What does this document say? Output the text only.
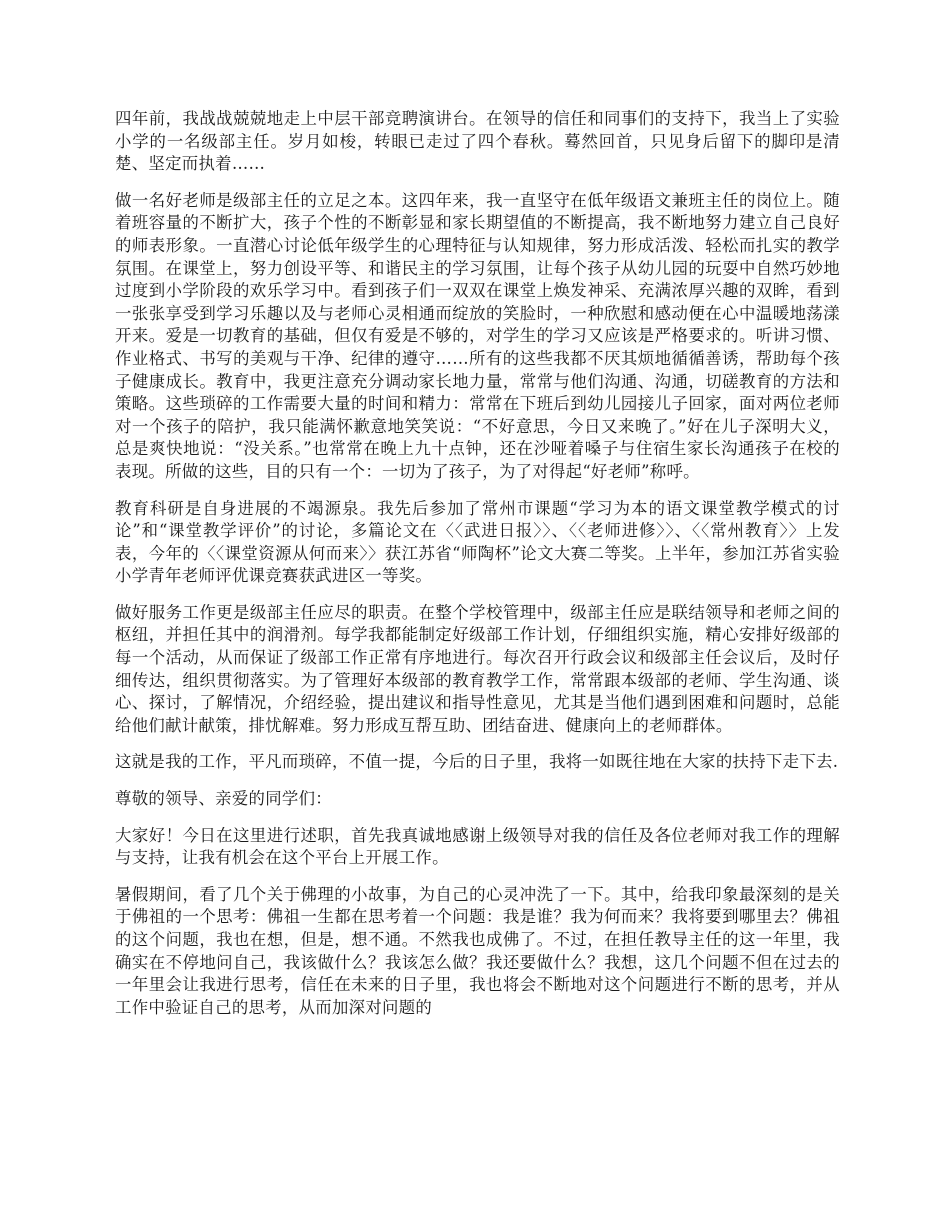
四年前，我战战兢兢地走上中层干部竞聘演讲台。在领导的信任和同事们的支持下，我当上了实验小学的一名级部主任。岁月如梭，转眼已走过了四个春秋。蓦然回首，只见身后留下的脚印是清楚、坚定而执着……

做一名好老师是级部主任的立足之本。这四年来，我一直坚守在低年级语文兼班主任的岗位上。随着班容量的不断扩大，孩子个性的不断彰显和家长期望值的不断提高，我不断地努力建立自己良好的师表形象。一直潜心讨论低年级学生的心理特征与认知规律，努力形成活泼、轻松而扎实的教学氛围。在课堂上，努力创设平等、和谐民主的学习氛围，让每个孩子从幼儿园的玩耍中自然巧妙地过度到小学阶段的欢乐学习中。看到孩子们一双双在课堂上焕发神采、充满浓厚兴趣的双眸，看到一张张享受到学习乐趣以及与老师心灵相通而绽放的笑脸时，一种欣慰和感动便在心中温暖地荡漾开来。爱是一切教育的基础，但仅有爱是不够的，对学生的学习又应该是严格要求的。听讲习惯、作业格式、书写的美观与干净、纪律的遵守……所有的这些我都不厌其烦地循循善诱，帮助每个孩子健康成长。教育中，我更注意充分调动家长地力量，常常与他们沟通、沟通，切磋教育的方法和策略。这些琐碎的工作需要大量的时间和精力：常常在下班后到幼儿园接儿子回家，面对两位老师对一个孩子的陪护，我只能满怀歉意地笑笑说：“不好意思，今日又来晚了。”好在儿子深明大义，总是爽快地说：“没关系。”也常常在晚上九十点钟，还在沙哑着嗓子与住宿生家长沟通孩子在校的表现。所做的这些，目的只有一个：一切为了孩子，为了对得起“好老师”称呼。

教育科研是自身进展的不竭源泉。我先后参加了常州市课题“学习为本的语文课堂教学模式的讨论”和“课堂教学评价”的讨论，多篇论文在〈〈武进日报〉〉、〈〈老师进修〉〉、〈〈常州教育〉〉上发表，今年的〈〈课堂资源从何而来〉〉获江苏省“师陶杯”论文大赛二等奖。上半年，参加江苏省实验小学青年老师评优课竞赛获武进区一等奖。

做好服务工作更是级部主任应尽的职责。在整个学校管理中，级部主任应是联结领导和老师之间的枢纽，并担任其中的润滑剂。每学我都能制定好级部工作计划，仔细组织实施，精心安排好级部的每一个活动，从而保证了级部工作正常有序地进行。每次召开行政会议和级部主任会议后，及时仔细传达，组织贯彻落实。为了管理好本级部的教育教学工作，常常跟本级部的老师、学生沟通、谈心、探讨，了解情况，介绍经验，提出建议和指导性意见，尤其是当他们遇到困难和问题时，总能给他们献计献策，排忧解难。努力形成互帮互助、团结奋进、健康向上的老师群体。

这就是我的工作，平凡而琐碎，不值一提，今后的日子里，我将一如既往地在大家的扶持下走下去.

尊敬的领导、亲爱的同学们：

大家好！今日在这里进行述职，首先我真诚地感谢上级领导对我的信任及各位老师对我工作的理解与支持，让我有机会在这个平台上开展工作。

暑假期间，看了几个关于佛理的小故事，为自己的心灵冲洗了一下。其中，给我印象最深刻的是关于佛祖的一个思考：佛祖一生都在思考着一个问题：我是谁？我为何而来？我将要到哪里去？佛祖的这个问题，我也在想，但是，想不通。不然我也成佛了。不过，在担任教导主任的这一年里，我确实在不停地问自己，我该做什么？我该怎么做？我还要做什么？我想，这几个问题不但在过去的一年里会让我进行思考，信任在未来的日子里，我也将会不断地对这个问题进行不断的思考，并从工作中验证自己的思考，从而加深对问题的
